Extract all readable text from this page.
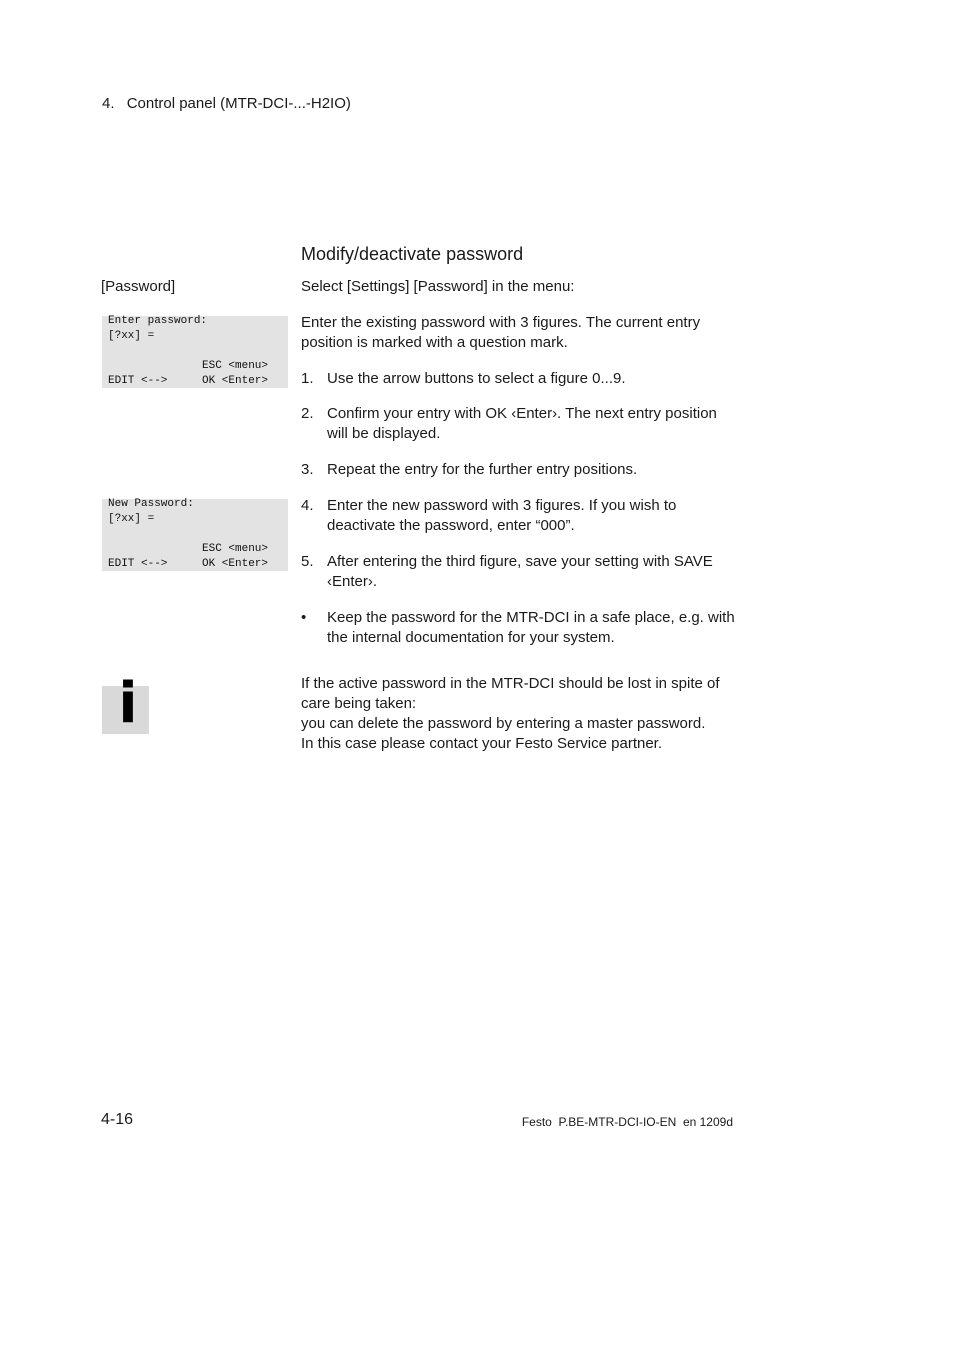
4. Control panel (MTR-DCI-...-H2IO)
Modify/deactivate password
[Password]	Select [Settings] [Password] in the menu:
Enter password:
[?xx] =
ESC <menu>
EDIT <-->	OK <Enter>
Enter the existing password with 3 figures. The current entry position is marked with a question mark.
1. Use the arrow buttons to select a figure 0...9.
2. Confirm your entry with OK ‹Enter›. The next entry position will be displayed.
3. Repeat the entry for the further entry positions.
New Password:
[?xx] =
ESC <menu>
EDIT <-->	OK <Enter>
4. Enter the new password with 3 figures. If you wish to deactivate the password, enter “000”.
5. After entering the third figure, save your setting with SAVE ‹Enter›.
• Keep the password for the MTR-DCI in a safe place, e.g. with the internal documentation for your system.
i	If the active password in the MTR-DCI should be lost in spite of care being taken:
you can delete the password by entering a master password.
In this case please contact your Festo Service partner.
4-16	Festo  P.BE-MTR-DCI-IO-EN  en 1209d
